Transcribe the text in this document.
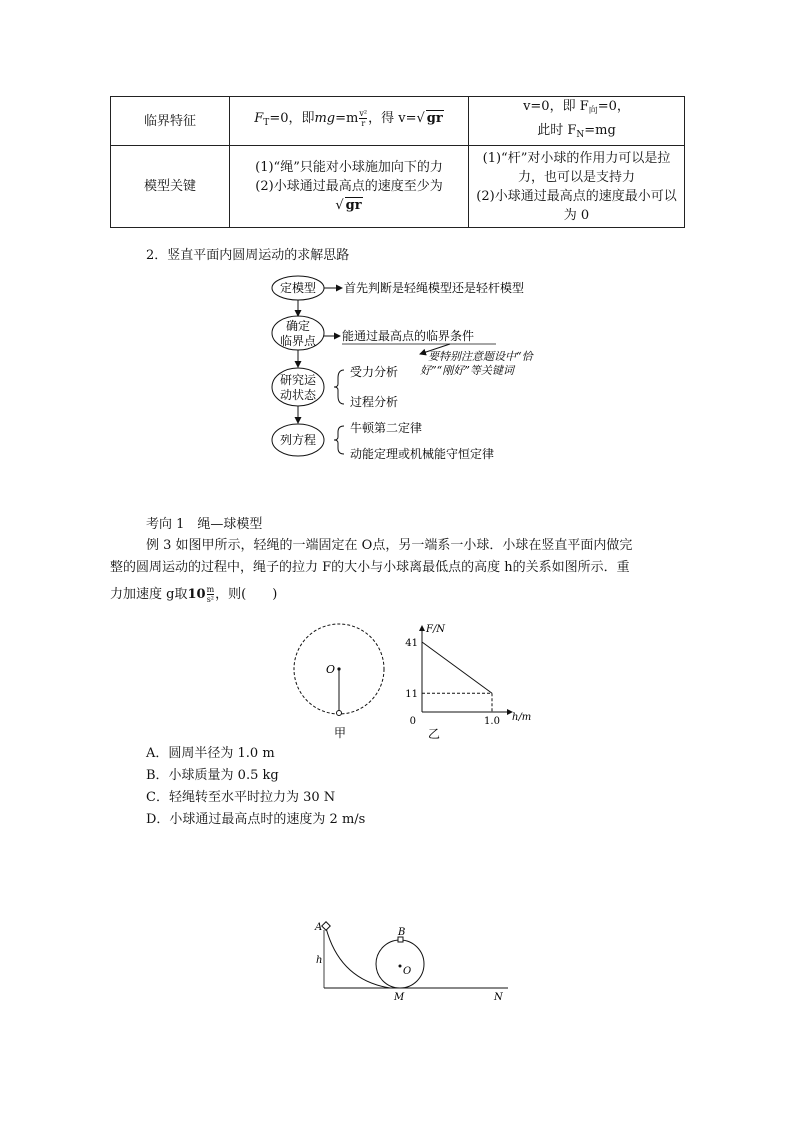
临界特征	$F_T=0$，即$mg=m \frac{\text{v²}}{r}$ ，得 v=√ gr	v=0，即 $F_向=0$，
此时 $F_N=mg$

模型关键	(1)“绳”只能对小球施加向下的力
(2)小球通过最高点的速度至少为
√ gr	(1)“杆”对小球的作用力可以是拉
力，也可以是支持力
(2)小球通过最高点的速度最小可以
为 0
2．竖直平面内圆周运动的求解思路
定模型 首先判断是轻绳模型还是轻杆模型
确定
临界点 能通过最高点的临界条件
要特别注意题设中“恰
好”“刚好”等关键词
研究运
动状态
受力分析
过程分析
列方程
牛顿第二定律
动能定理或机械能守恒定律
考向 1　绳—球模型
例 3 如图甲所示，轻绳的一端固定在 O点，另一端系一小球．小球在竖直平面内做完
整的圆周运动的过程中，绳子的拉力 F的大小与小球离最低点的高度 h的关系如图所示．重
力加速度 g取$10 \frac{m}{\text{s²}}$ ，则(　　)
O
甲
F/N
h/m
0
41
11
1.0
乙
A．圆周半径为 1.0 m
B．小球质量为 0.5 kg
C．轻绳转至水平时拉力为 30 N
D．小球通过最高点时的速度为 2 m/s
A	B
h
O
M	N
